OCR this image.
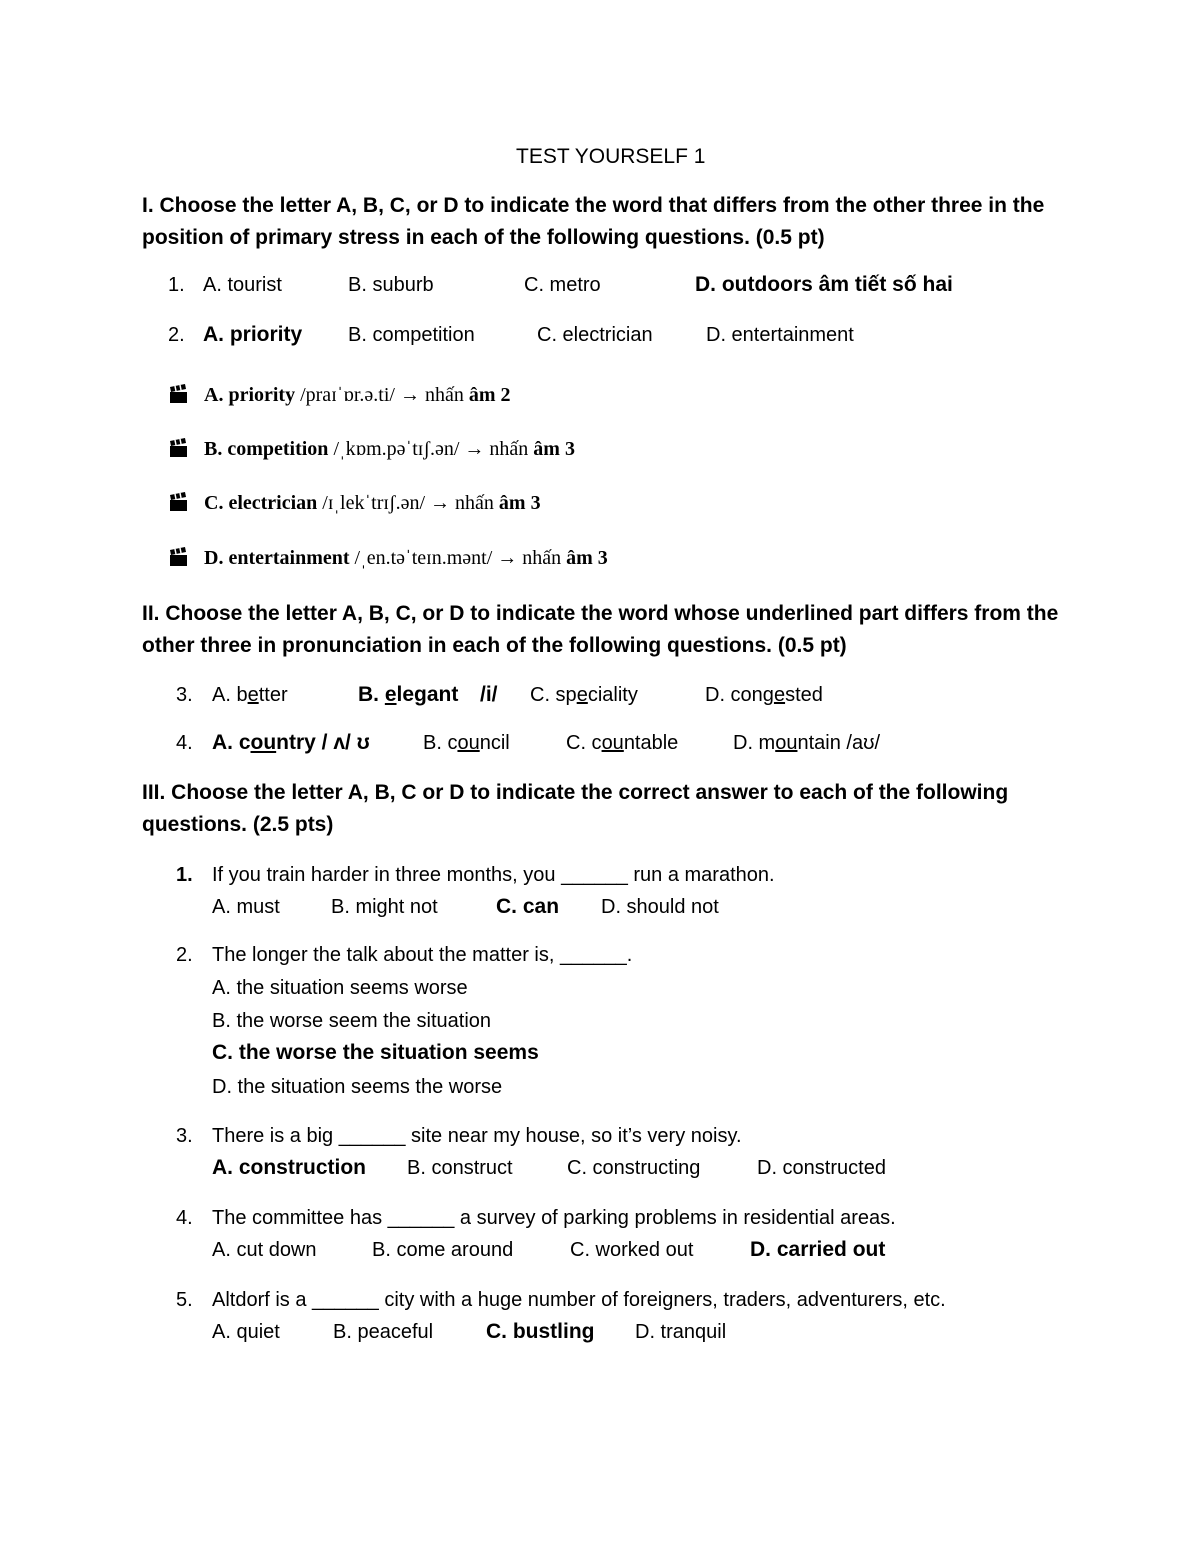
TEST YOURSELF 1
I. Choose the letter A, B, C, or D to indicate the word that differs from the other three in the
position of primary stress in each of the following questions. (0.5 pt)
1. A. tourist	B. suburb	C. metro	D. outdoors âm tiết số hai
2. A. priority B. competition	C. electrician	D. entertainment
A. priority /praɪˈɒr.ə.ti/ → nhấn âm 2
B. competition /ˌkɒm.pəˈtɪʃ.ən/ → nhấn âm 3
C. electrician /ɪˌlekˈtrɪʃ.ən/ → nhấn âm 3
D. entertainment /ˌen.təˈteɪn.mənt/ → nhấn âm 3
II. Choose the letter A, B, C, or D to indicate the word whose underlined part differs from the
other three in pronunciation in each of the following questions. (0.5 pt)
3. A. better	B. elegant /i/ C. speciality	D. congested
4. A. country / ʌ/ ʊ	B. council	C. countable	D. mountain /aʊ/
III. Choose the letter A, B, C or D to indicate the correct answer to each of the following
questions. (2.5 pts)
1. If you train harder in three months, you ______ run a marathon.
A. must	B. might not	C. can D. should not
2. The longer the talk about the matter is, ______.
A. the situation seems worse
B. the worse seem the situation
C. the worse the situation seems
D. the situation seems the worse
3. There is a big ______ site near my house, so it’s very noisy.
A. construction B. construct	C. constructing	D. constructed
4. The committee has ______ a survey of parking problems in residential areas.
A. cut down	B. come around	C. worked out	D. carried out
5. Altdorf is a ______ city with a huge number of foreigners, traders, adventurers, etc.
A. quiet	B. peaceful	C. bustling D. tranquil
